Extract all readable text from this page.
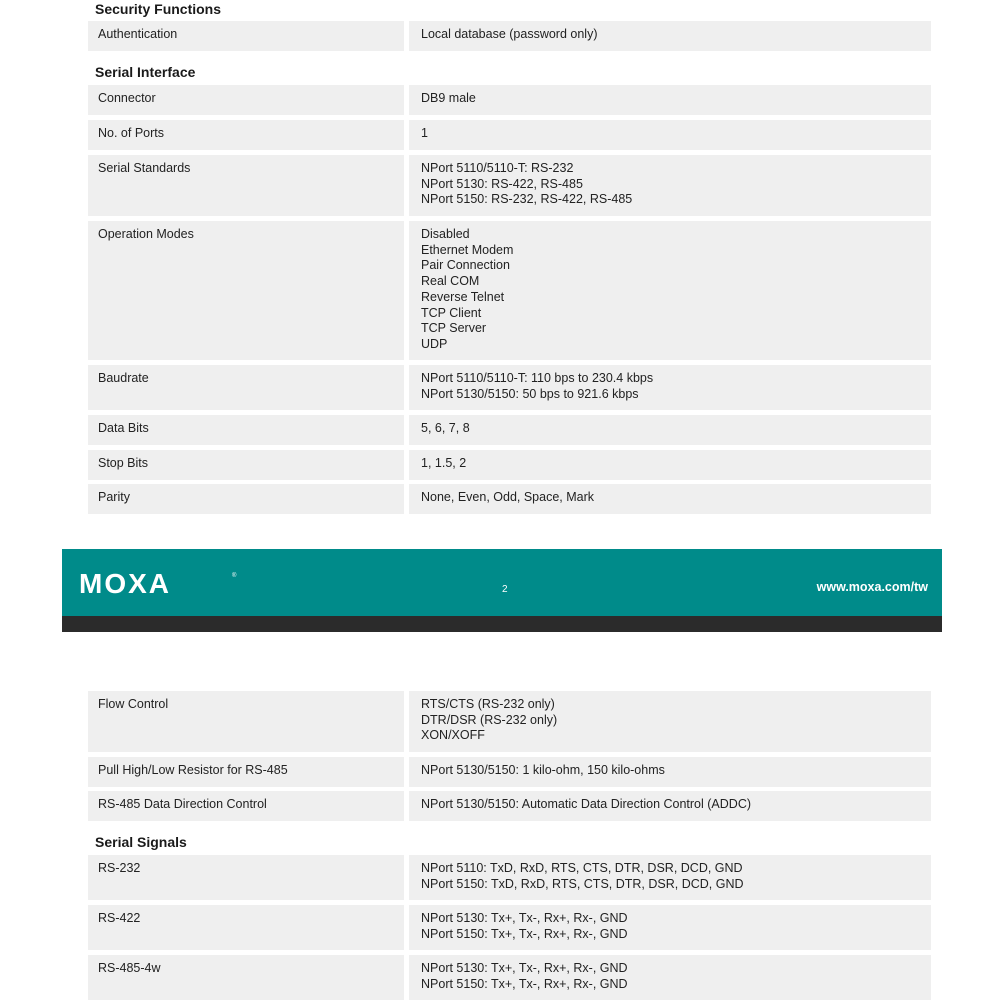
Security Functions
Authentication	Local database (password only)
Serial Interface
Connector	DB9 male
No. of Ports	1
Serial Standards	NPort 5110/5110-T: RS-232
NPort 5130: RS-422, RS-485
NPort 5150: RS-232, RS-422, RS-485
Operation Modes	Disabled
Ethernet Modem
Pair Connection
Real COM
Reverse Telnet
TCP Client
TCP Server
UDP
Baudrate	NPort 5110/5110-T: 110 bps to 230.4 kbps
NPort 5130/5150: 50 bps to 921.6 kbps
Data Bits	5, 6, 7, 8
Stop Bits	1, 1.5, 2
Parity	None, Even, Odd, Space, Mark
MOXA	®
2	www.moxa.com/tw
Flow Control	RTS/CTS (RS-232 only)
DTR/DSR (RS-232 only)
XON/XOFF
Pull High/Low Resistor for RS-485	NPort 5130/5150: 1 kilo-ohm, 150 kilo-ohms
RS-485 Data Direction Control	NPort 5130/5150: Automatic Data Direction Control (ADDC)
Serial Signals
RS-232	NPort 5110: TxD, RxD, RTS, CTS, DTR, DSR, DCD, GND
NPort 5150: TxD, RxD, RTS, CTS, DTR, DSR, DCD, GND
RS-422	NPort 5130: Tx+, Tx-, Rx+, Rx-, GND
NPort 5150: Tx+, Tx-, Rx+, Rx-, GND
RS-485-4w	NPort 5130: Tx+, Tx-, Rx+, Rx-, GND
NPort 5150: Tx+, Tx-, Rx+, Rx-, GND
